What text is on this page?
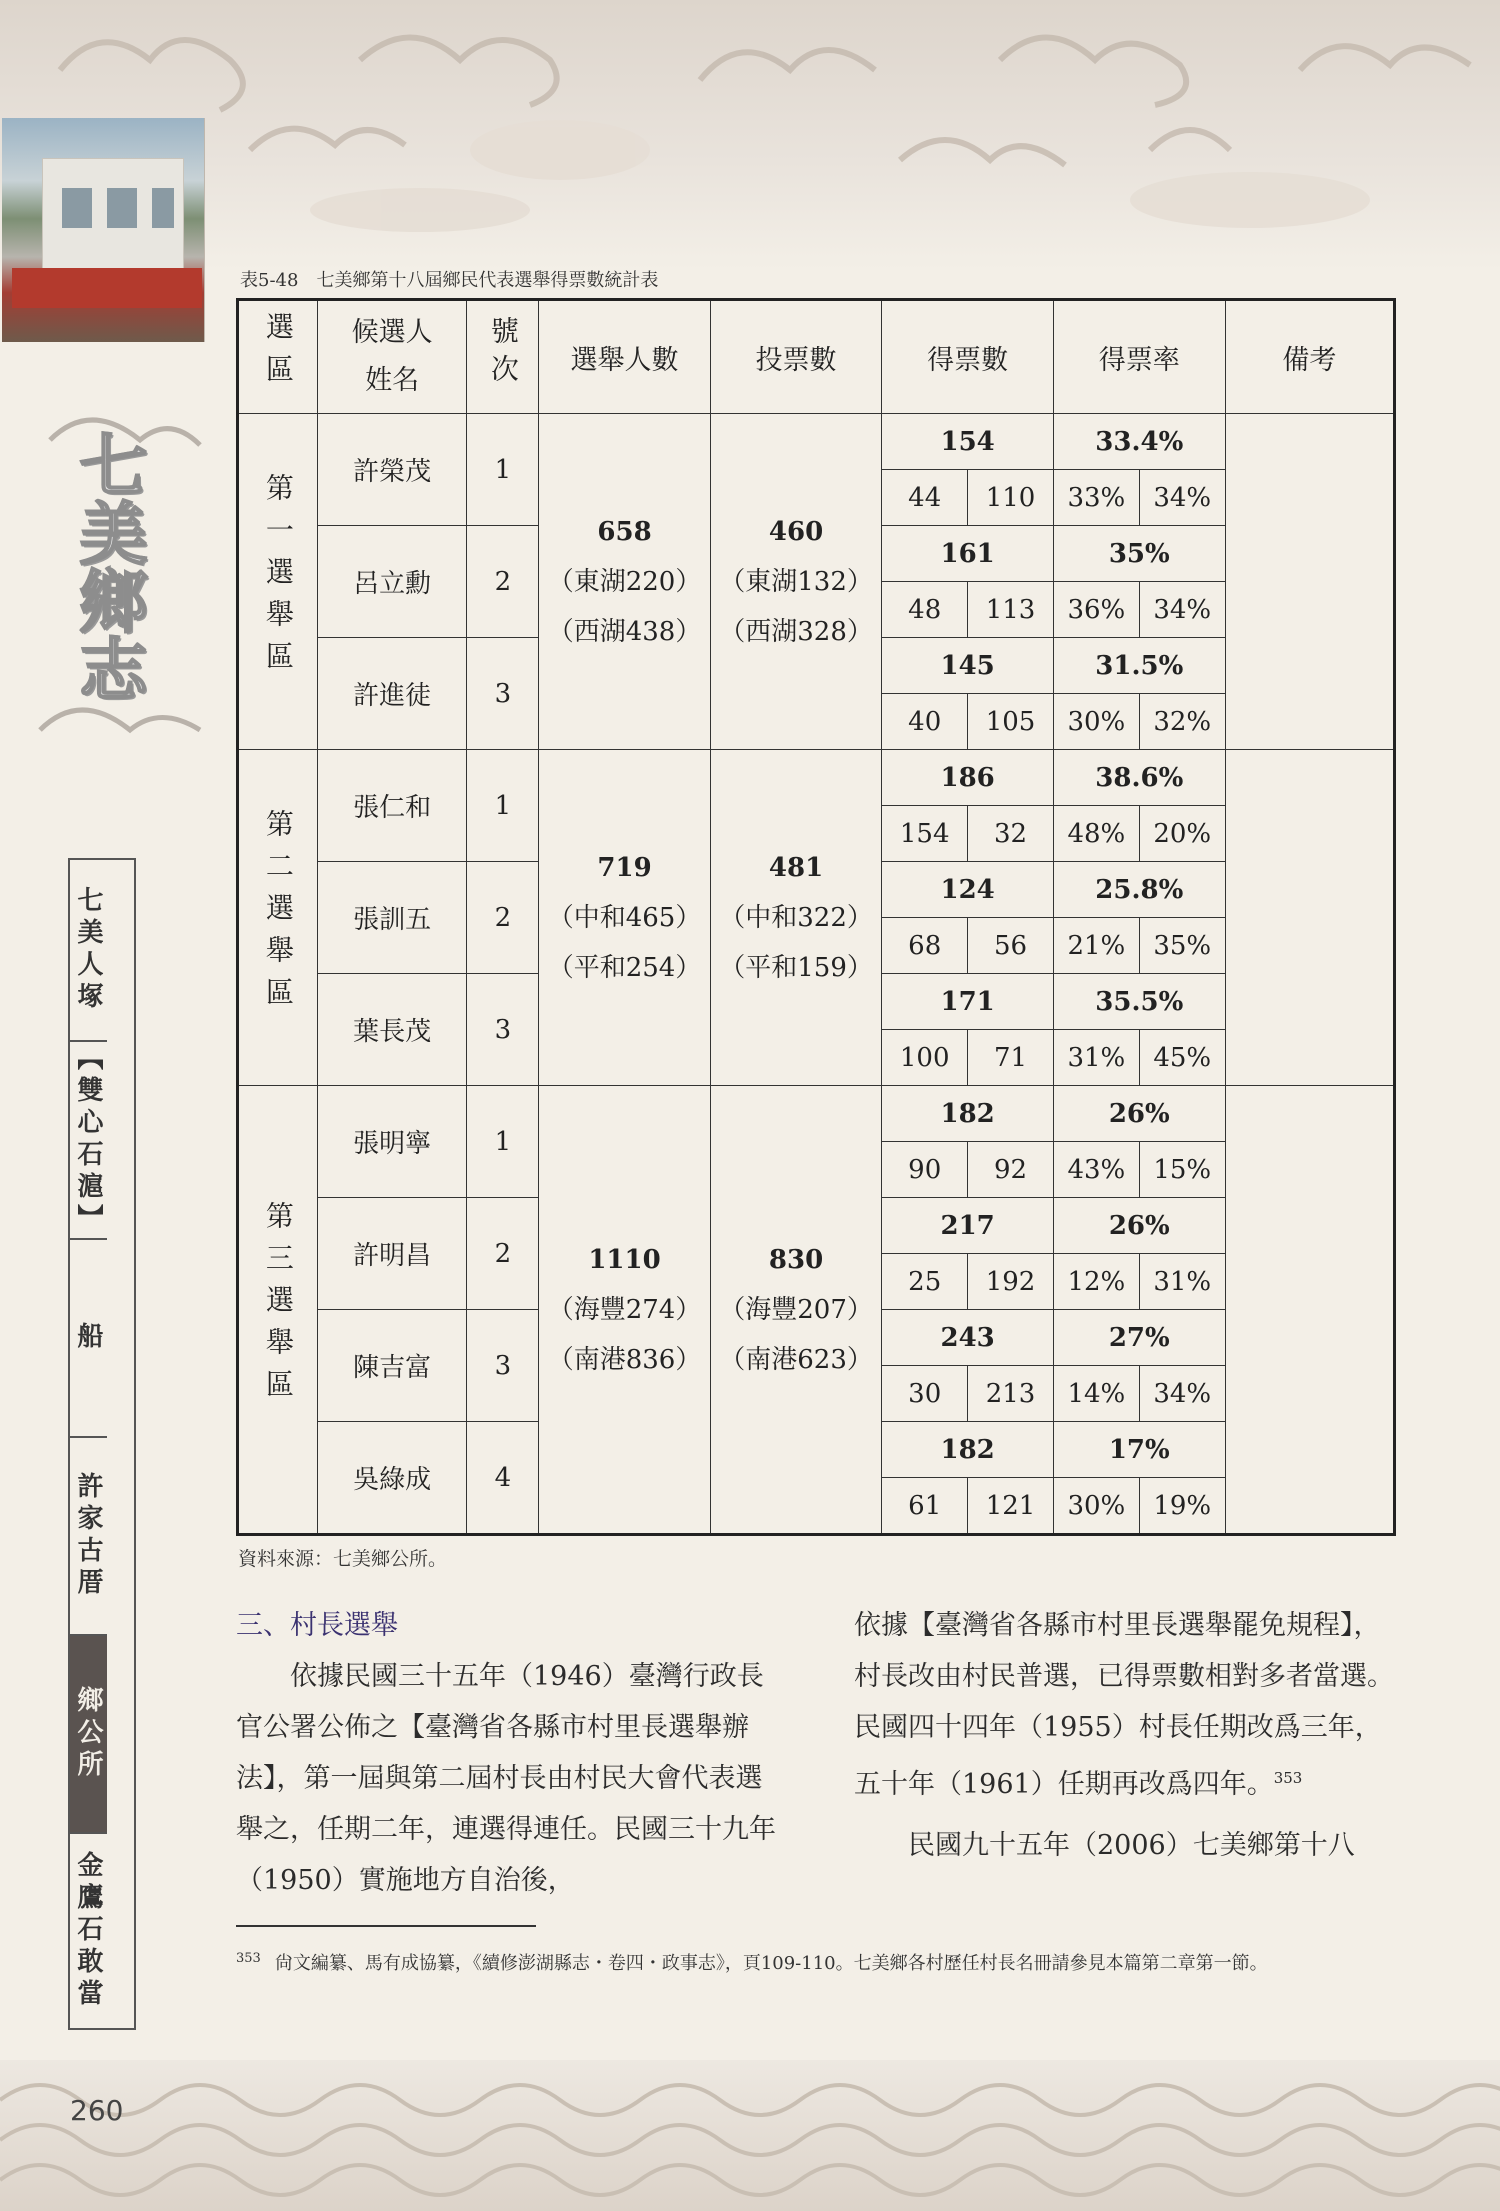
七美鄉志
七美人塚
【雙心石滬】
船
許家古厝
鄉公所
金鷹石敢當
表5-48　七美鄉第十八屆鄉民代表選舉得票數統計表
選區	候選人姓名	號次	選舉人數	投票數	得票數		得票率		備考
第一選舉區	許榮茂	1	658
（東湖220）
（西湖438）	460
（東湖132）
（西湖328）	154		33.4%		
					44	110	33%	34%	
	呂立勳	2			161		35%		
					48	113	36%	34%	
	許進徒	3			145		31.5%		
					40	105	30%	32%	
第二選舉區	張仁和	1	719
（中和465）
（平和254）	481
（中和322）
（平和159）	186		38.6%		
					154	32	48%	20%	
	張訓五	2			124		25.8%		
					68	56	21%	35%	
	葉長茂	3			171		35.5%		
					100	71	31%	45%	
第三選舉區	張明寧	1	1110
（海豐274）
（南港836）	830
（海豐207）
（南港623）	182		26%		
					90	92	43%	15%	
	許明昌	2			217		26%		
					25	192	12%	31%	
	陳吉富	3			243		27%		
					30	213	14%	34%	
	吳綠成	4			182		17%		
					61	121	30%	19%	
資料來源：七美鄉公所。

三、村長選舉

依據民國三十五年（1946）臺灣行政長官公署公佈之【臺灣省各縣市村里長選舉辦法】，第一屆與第二屆村長由村民大會代表選舉之，任期二年，連選得連任。民國三十九年（1950）實施地方自治後，

依據【臺灣省各縣市村里長選舉罷免規程】，村長改由村民普選，已得票數相對多者當選。民國四十四年（1955）村長任期改爲三年，五十年（1961）任期再改爲四年。$^{353}$

民國九十五年（2006）七美鄉第十八

$^{353}$ 尙文編纂、馬有成協纂，《續修澎湖縣志・卷四・政事志》，頁109-110。七美鄉各村歷任村長名冊請參見本篇第二章第一節。
260
